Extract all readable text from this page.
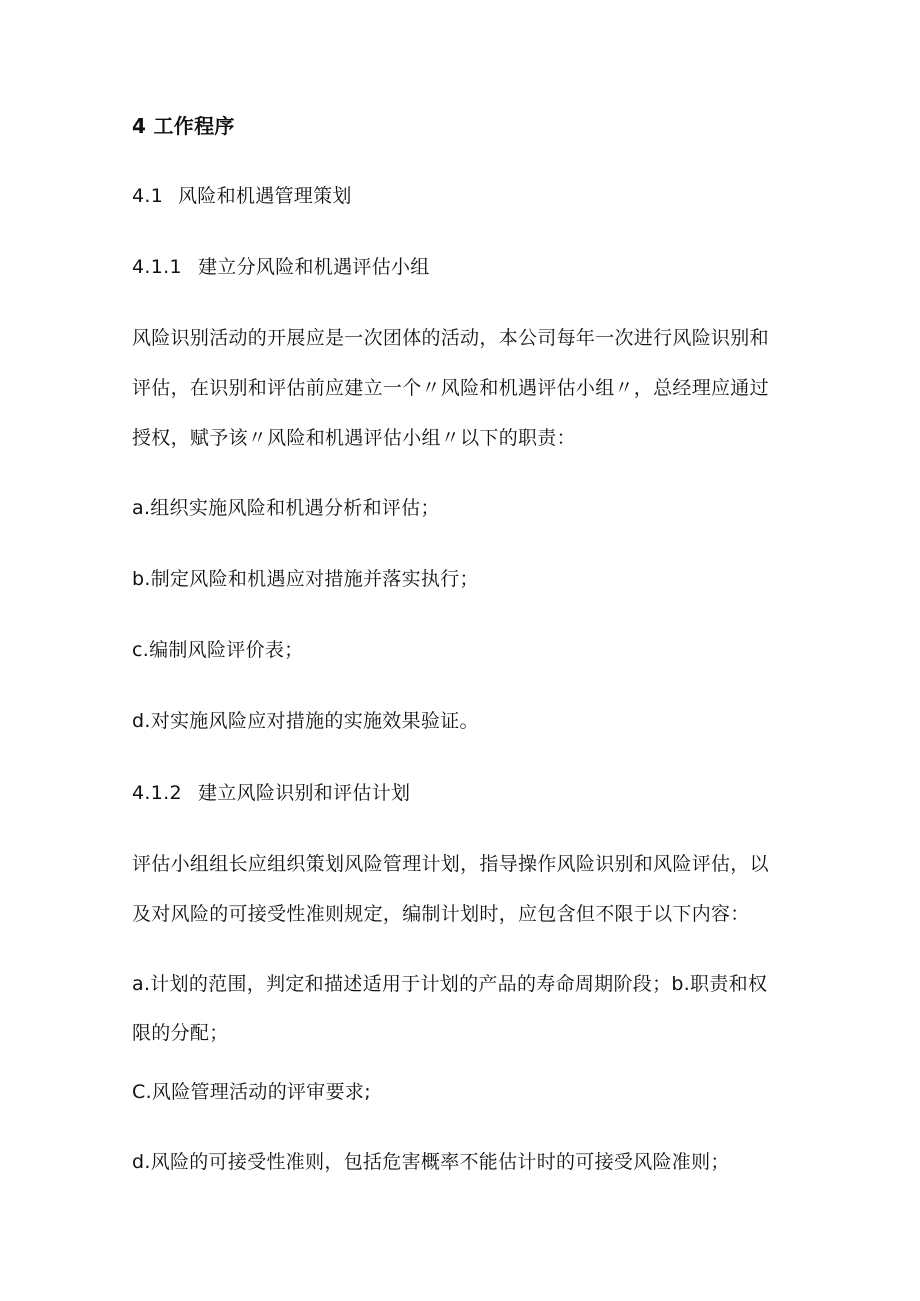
4 工作程序
4.1 风险和机遇管理策划
4.1.1 建立分风险和机遇评估小组
风险识别活动的开展应是一次团体的活动，本公司每年一次进行风险识别和
评估，在识别和评估前应建立一个〃风险和机遇评估小组〃，总经理应通过
授权，赋予该〃风险和机遇评估小组〃以下的职责：
a.组织实施风险和机遇分析和评估；
b.制定风险和机遇应对措施并落实执行；
c.编制风险评价表；
d.对实施风险应对措施的实施效果验证。
4.1.2 建立风险识别和评估计划
评估小组组长应组织策划风险管理计划，指导操作风险识别和风险评估，以
及对风险的可接受性准则规定，编制计划时，应包含但不限于以下内容：
a.计划的范围，判定和描述适用于计划的产品的寿命周期阶段；b.职责和权
限的分配；
C.风险管理活动的评审要求;
d.风险的可接受性准则，包括危害概率不能估计时的可接受风险准则；
